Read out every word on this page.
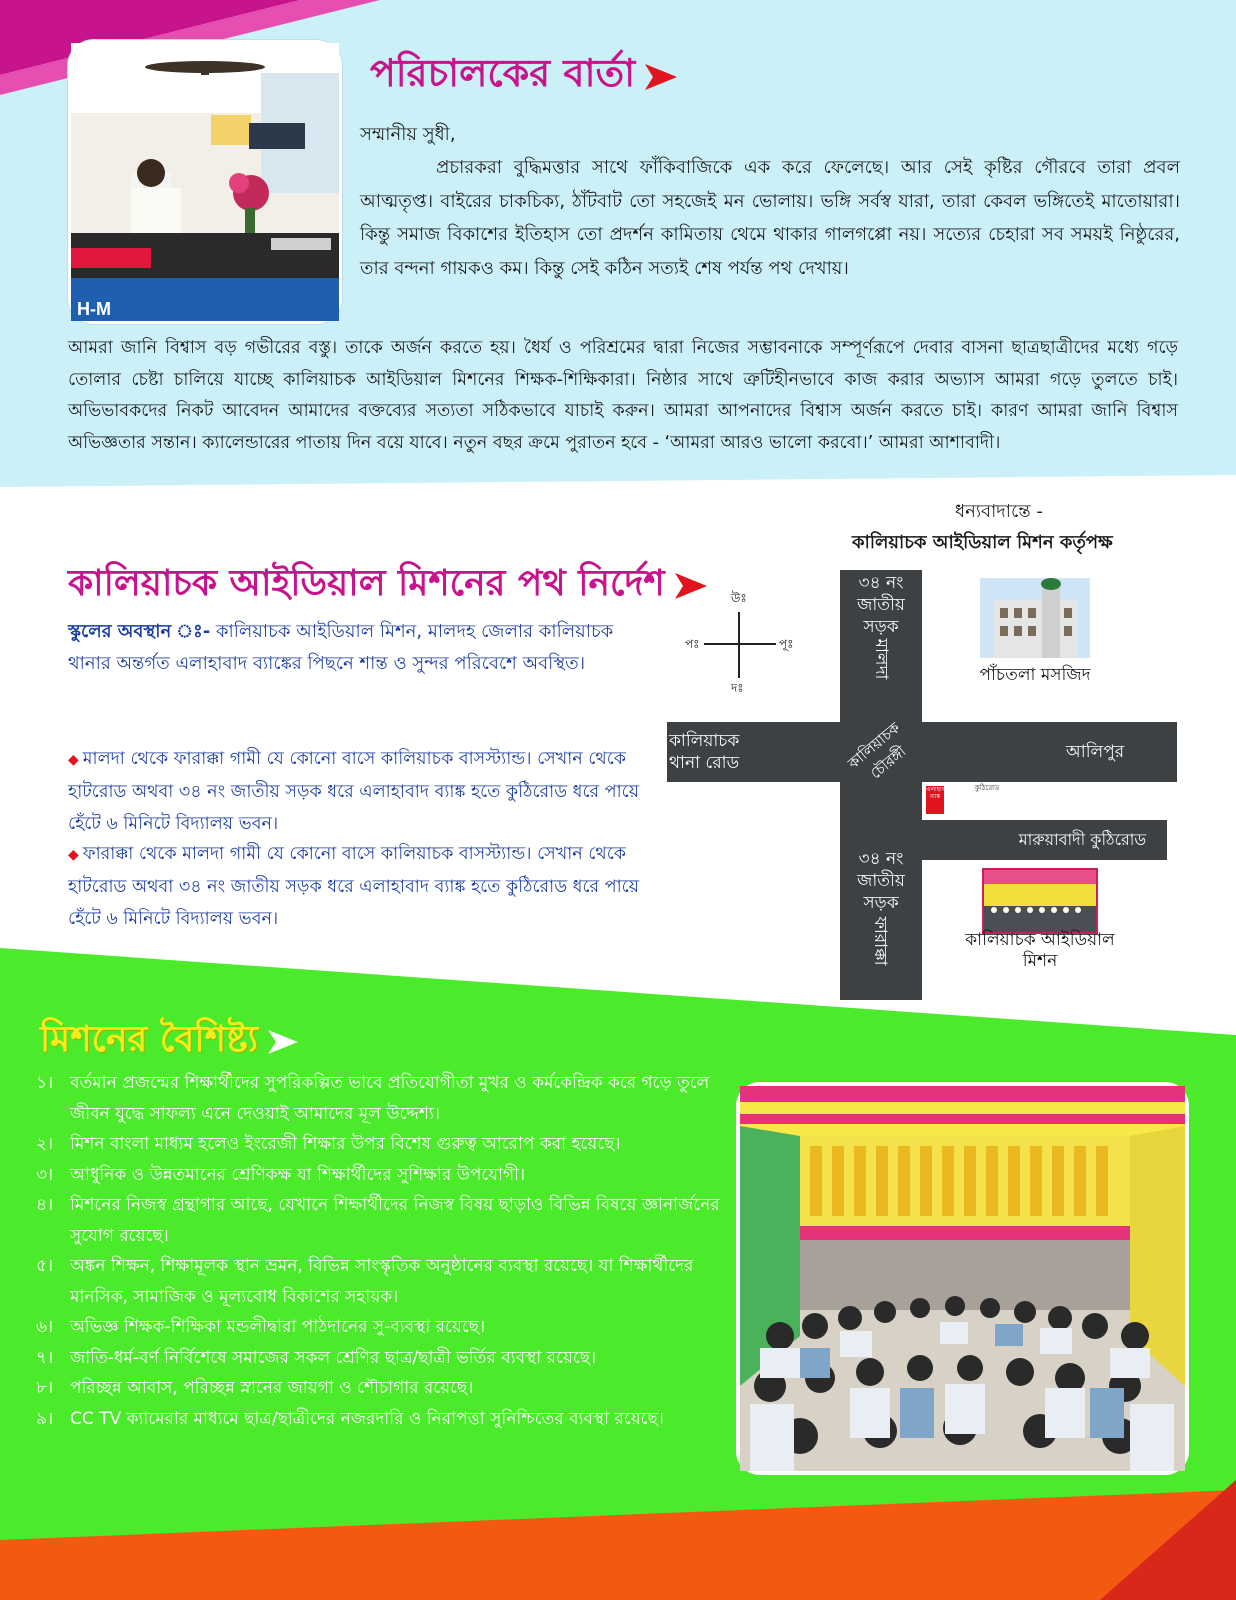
H-M
পরিচালকের বার্তা
সম্মানীয় সুধী,
প্রচারকরা বুদ্ধিমত্তার সাথে ফাঁকিবাজিকে এক করে ফেলেছে। আর সেই কৃষ্টির গৌরবে তারা প্রবল আত্মতৃপ্ত। বাইরের চাকচিক্য, ঠাঁটবাট তো সহজেই মন ভোলায়। ভঙ্গি সর্বস্ব যারা, তারা কেবল ভঙ্গিতেই মাতোয়ারা। কিন্তু সমাজ বিকাশের ইতিহাস তো প্রদর্শন কামিতায় থেমে থাকার গালগপ্পো নয়। সত্যের চেহারা সব সময়ই নিষ্ঠুরের, তার বন্দনা গায়কও কম। কিন্তু সেই কঠিন সত্যই শেষ পর্যন্ত পথ দেখায়।
আমরা জানি বিশ্বাস বড় গভীরের বস্তু। তাকে অর্জন করতে হয়। ধৈর্য ও পরিশ্রমের দ্বারা নিজের সম্ভাবনাকে সম্পূর্ণরূপে দেবার বাসনা ছাত্রছাত্রীদের মধ্যে গড়ে তোলার চেষ্টা চালিয়ে যাচ্ছে কালিয়াচক আইডিয়াল মিশনের শিক্ষক-শিক্ষিকারা। নিষ্ঠার সাথে ত্রুটিহীনভাবে কাজ করার অভ্যাস আমরা গড়ে তুলতে চাই। অভিভাবকদের নিকট আবেদন আমাদের বক্তব্যের সত্যতা সঠিকভাবে যাচাই করুন। আমরা আপনাদের বিশ্বাস অর্জন করতে চাই। কারণ আমরা জানি বিশ্বাস অভিজ্ঞতার সন্তান। ক্যালেন্ডারের পাতায় দিন বয়ে যাবে। নতুন বছর ক্রমে পুরাতন হবে - ‘আমরা আরও ভালো করবো।’ আমরা আশাবাদী।
ধন্যবাদান্তে -
কালিয়াচক আইডিয়াল মিশন কর্তৃপক্ষ
কালিয়াচক আইডিয়াল মিশনের পথ নির্দেশ
স্কুলের অবস্থান ঃ- কালিয়াচক আইডিয়াল মিশন, মালদহ জেলার কালিয়াচক থানার অন্তর্গত এলাহাবাদ ব্যাঙ্কের পিছনে শান্ত ও সুন্দর পরিবেশে অবস্থিত।
◆ মালদা থেকে ফারাক্কা গামী যে কোনো বাসে কালিয়াচক বাসস্ট্যান্ড। সেখান থেকে হাটরোড অথবা ৩৪ নং জাতীয় সড়ক ধরে এলাহাবাদ ব্যাঙ্ক হতে কুঠিরোড ধরে পায়ে হেঁটে ৬ মিনিটে বিদ্যালয় ভবন।
◆ ফারাক্কা থেকে মালদা গামী যে কোনো বাসে কালিয়াচক বাসস্ট্যান্ড। সেখান থেকে হাটরোড অথবা ৩৪ নং জাতীয় সড়ক ধরে এলাহাবাদ ব্যাঙ্ক হতে কুঠিরোড ধরে পায়ে হেঁটে ৬ মিনিটে বিদ্যালয় ভবন।
উঃ
দঃ
পূঃ
পঃ
৩৪ নং জাতীয় সড়ক
মালদা
কালিয়াচক চৌরঙ্গী
কালিয়াচক থানা রোড
আলিপুর
মারুয়াবাদী কুঠিরোড
৩৪ নং জাতীয় সড়ক
ফারাক্কা
এলাহাবাদ ব্যাঙ্ক
কুঠিরোড
পাঁচতলা মসজিদ
কালিয়াচক আইডিয়াল মিশন
মিশনের বৈশিষ্ট্য
১। বর্তমান প্রজন্মের শিক্ষার্থীদের সুপরিকল্পিত ভাবে প্রতিযোগীতা মুখর ও কর্মকেন্দ্রিক করে গড়ে তুলে জীবন যুদ্ধে সাফল্য এনে দেওয়াই আমাদের মূল উদ্দেশ্য।
২। মিশন বাংলা মাধ্যম হলেও ইংরেজী শিক্ষার উপর বিশেষ গুরুত্ব আরোপ করা হয়েছে।
৩। আধুনিক ও উন্নতমানের শ্রেণিকক্ষ যা শিক্ষার্থীদের সুশিক্ষার উপযোগী।
৪। মিশনের নিজস্ব গ্রন্থাগার আছে, যেখানে শিক্ষার্থীদের নিজস্ব বিষয় ছাড়াও বিভিন্ন বিষয়ে জ্ঞানার্জনের সুযোগ রয়েছে।
৫। অঙ্কন শিক্ষন, শিক্ষামূলক স্থান ভ্রমন, বিভিন্ন সাংস্কৃতিক অনুষ্ঠানের ব্যবস্থা রয়েছে। যা শিক্ষার্থীদের মানসিক, সামাজিক ও মূল্যবোধ বিকাশের সহায়ক।
৬। অভিজ্ঞ শিক্ষক-শিক্ষিকা মন্ডলীদ্বারা পাঠদানের সু-ব্যবস্থা রয়েছে।
৭। জাতি-ধর্ম-বর্ণ নির্বিশেষে সমাজের সকল শ্রেণির ছাত্র/ছাত্রী ভর্তির ব্যবস্থা রয়েছে।
৮। পরিচ্ছন্ন আবাস, পরিচ্ছন্ন স্নানের জায়গা ও শৌচাগার রয়েছে।
৯। CC TV ক্যামেরার মাধ্যমে ছাত্র/ছাত্রীদের নজরদারি ও নিরাপত্তা সুনিশ্চিতের ব্যবস্থা রয়েছে।
